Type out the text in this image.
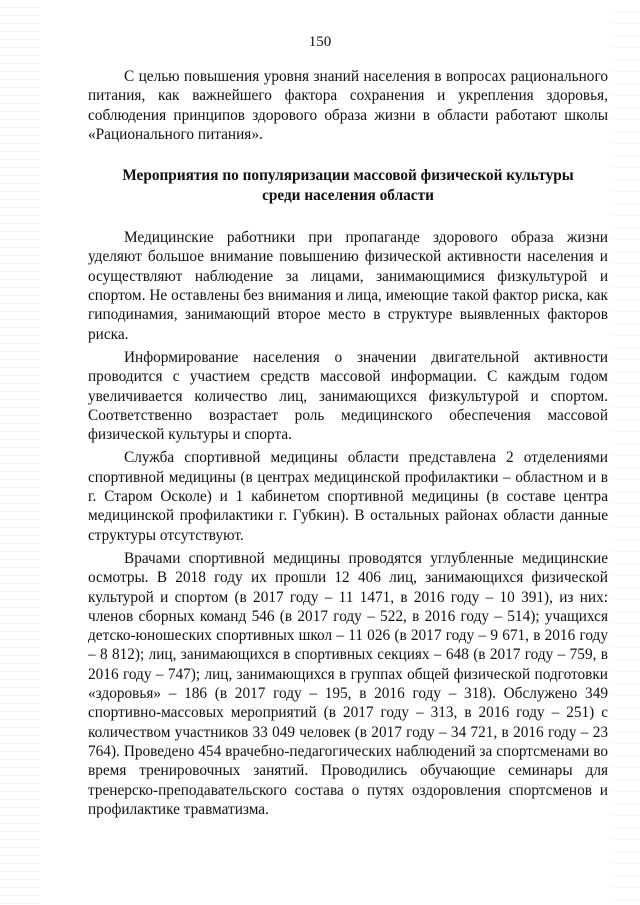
150

С целью повышения уровня знаний населения в вопросах рационального питания, как важнейшего фактора сохранения и укрепления здоровья, соблюдения принципов здорового образа жизни в области работают школы «Рационального питания».

Мероприятия по популяризации массовой физической культуры
среди населения области

Медицинские работники при пропаганде здорового образа жизни уделяют большое внимание повышению физической активности населения и осуществляют наблюдение за лицами, занимающимися физкультурой и спортом. Не оставлены без внимания и лица, имеющие такой фактор риска, как гиподинамия, занимающий второе место в структуре выявленных факторов риска.

Информирование населения о значении двигательной активности проводится с участием средств массовой информации. С каждым годом увеличивается количество лиц, занимающихся физкультурой и спортом. Соответственно возрастает роль медицинского обеспечения массовой физической культуры и спорта.

Служба спортивной медицины области представлена 2 отделениями спортивной медицины (в центрах медицинской профилактики – областном и в г. Старом Осколе) и 1 кабинетом спортивной медицины (в составе центра медицинской профилактики г. Губкин). В остальных районах области данные структуры отсутствуют.

Врачами спортивной медицины проводятся углубленные медицинские осмотры. В 2018 году их прошли 12 406 лиц, занимающихся физической культурой и спортом (в 2017 году – 11 1471, в 2016 году – 10 391), из них: членов сборных команд 546 (в 2017 году – 522, в 2016 году – 514); учащихся детско-юношеских спортивных школ – 11 026 (в 2017 году – 9 671, в 2016 году – 8 812); лиц, занимающихся в спортивных секциях – 648 (в 2017 году – 759, в 2016 году – 747); лиц, занимающихся в группах общей физической подготовки «здоровья» – 186 (в 2017 году – 195, в 2016 году – 318). Обслужено 349 спортивно-массовых мероприятий (в 2017 году – 313, в 2016 году – 251) с количеством участников 33 049 человек (в 2017 году – 34 721, в 2016 году – 23 764). Проведено 454 врачебно-педагогических наблюдений за спортсменами во время тренировочных занятий. Проводились обучающие семинары для тренерско-преподавательского состава о путях оздоровления спортсменов и профилактике травматизма.
